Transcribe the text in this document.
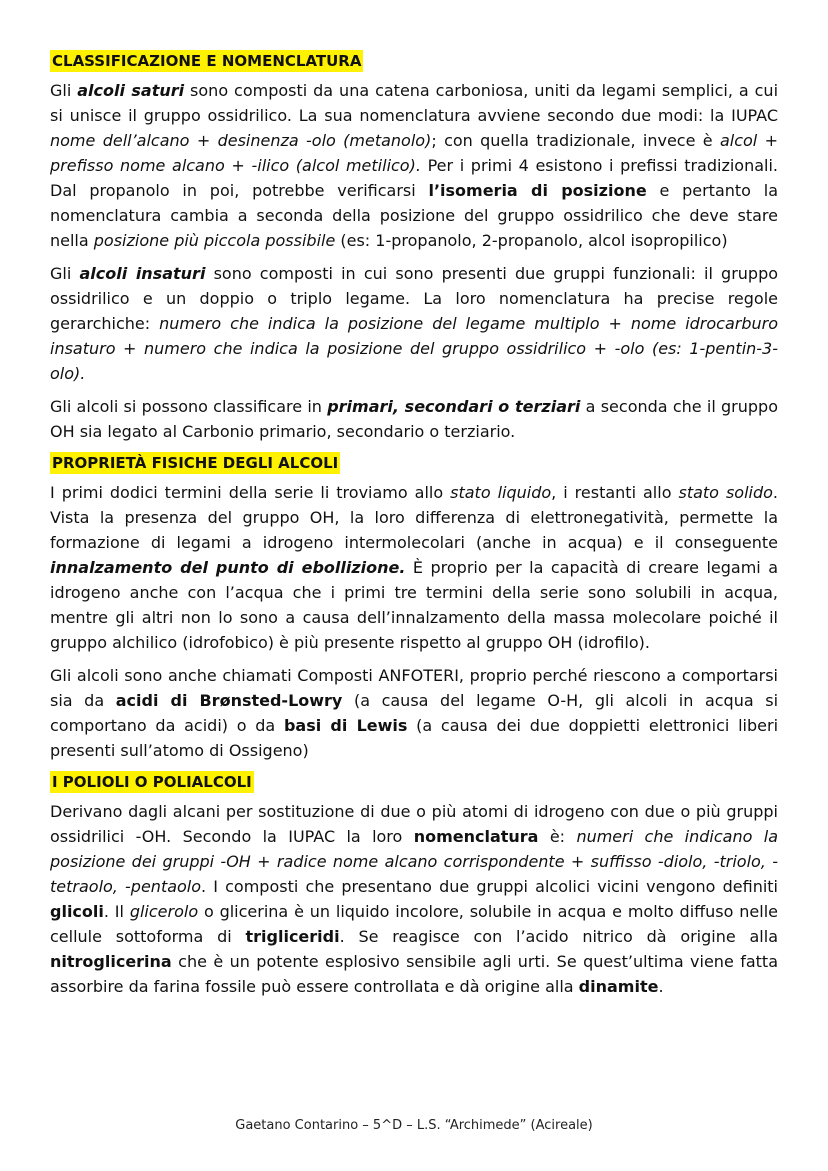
CLASSIFICAZIONE E NOMENCLATURA
Gli alcoli saturi sono composti da una catena carboniosa, uniti da legami semplici, a cui si unisce il gruppo ossidrilico. La sua nomenclatura avviene secondo due modi: la IUPAC nome dell’alcano + desinenza -olo (metanolo); con quella tradizionale, invece è alcol + prefisso nome alcano + -ilico (alcol metilico). Per i primi 4 esistono i prefissi tradizionali. Dal propanolo in poi, potrebbe verificarsi l’isomeria di posizione e pertanto la nomenclatura cambia a seconda della posizione del gruppo ossidrilico che deve stare nella posizione più piccola possibile (es: 1-propanolo, 2-propanolo, alcol isopropilico)
Gli alcoli insaturi sono composti in cui sono presenti due gruppi funzionali: il gruppo ossidrilico e un doppio o triplo legame. La loro nomenclatura ha precise regole gerarchiche: numero che indica la posizione del legame multiplo + nome idrocarburo insaturo + numero che indica la posizione del gruppo ossidrilico + -olo (es: 1-pentin-3-olo).
Gli alcoli si possono classificare in primari, secondari o terziari a seconda che il gruppo OH sia legato al Carbonio primario, secondario o terziario.
PROPRIETÀ FISICHE DEGLI ALCOLI
I primi dodici termini della serie li troviamo allo stato liquido, i restanti allo stato solido. Vista la presenza del gruppo OH, la loro differenza di elettronegatività, permette la formazione di legami a idrogeno intermolecolari (anche in acqua) e il conseguente innalzamento del punto di ebollizione. È proprio per la capacità di creare legami a idrogeno anche con l’acqua che i primi tre termini della serie sono solubili in acqua, mentre gli altri non lo sono a causa dell’innalzamento della massa molecolare poiché il gruppo alchilico (idrofobico) è più presente rispetto al gruppo OH (idrofilo).
Gli alcoli sono anche chiamati Composti ANFOTERI, proprio perché riescono a comportarsi sia da acidi di Brønsted-Lowry (a causa del legame O-H, gli alcoli in acqua si comportano da acidi) o da basi di Lewis (a causa dei due doppietti elettronici liberi presenti sull’atomo di Ossigeno)
I POLIOLI O POLIALCOLI
Derivano dagli alcani per sostituzione di due o più atomi di idrogeno con due o più gruppi ossidrilici -OH. Secondo la IUPAC la loro nomenclatura è: numeri che indicano la posizione dei gruppi -OH + radice nome alcano corrispondente + suffisso -diolo, -triolo, -tetraolo, -pentaolo. I composti che presentano due gruppi alcolici vicini vengono definiti glicoli. Il glicerolo o glicerina è un liquido incolore, solubile in acqua e molto diffuso nelle cellule sottoforma di trigliceridi. Se reagisce con l’acido nitrico dà origine alla nitroglicerina che è un potente esplosivo sensibile agli urti. Se quest’ultima viene fatta assorbire da farina fossile può essere controllata e dà origine alla dinamite.
Gaetano Contarino – 5^D – L.S. “Archimede” (Acireale)
